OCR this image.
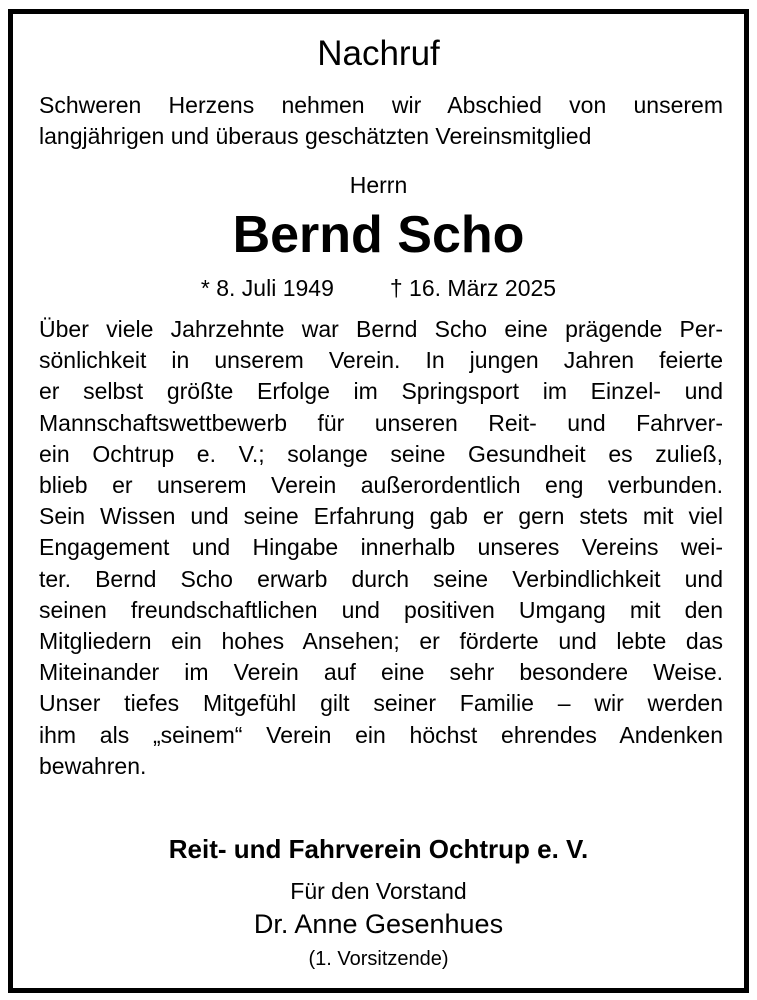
Nachruf
Schweren Herzens nehmen wir Abschied von unserem
langjährigen und überaus geschätzten Vereinsmitglied
Herrn
Bernd Scho
* 8. Juli 1949 † 16. März 2025
Über viele Jahrzehnte war Bernd Scho eine prägende Per-
sönlichkeit in unserem Verein. In jungen Jahren feierte
er selbst größte Erfolge im Springsport im Einzel- und
Mannschaftswettbewerb für unseren Reit- und Fahrver-
ein Ochtrup e. V.; solange seine Gesundheit es zuließ,
blieb er unserem Verein außerordentlich eng verbunden.
Sein Wissen und seine Erfahrung gab er gern stets mit viel
Engagement und Hingabe innerhalb unseres Vereins wei-
ter. Bernd Scho erwarb durch seine Verbindlichkeit und
seinen freundschaftlichen und positiven Umgang mit den
Mitgliedern ein hohes Ansehen; er förderte und lebte das
Miteinander im Verein auf eine sehr besondere Weise.
Unser tiefes Mitgefühl gilt seiner Familie – wir werden
ihm als „seinem“ Verein ein höchst ehrendes Andenken
bewahren.
Reit- und Fahrverein Ochtrup e. V.
Für den Vorstand
Dr. Anne Gesenhues
(1. Vorsitzende)
